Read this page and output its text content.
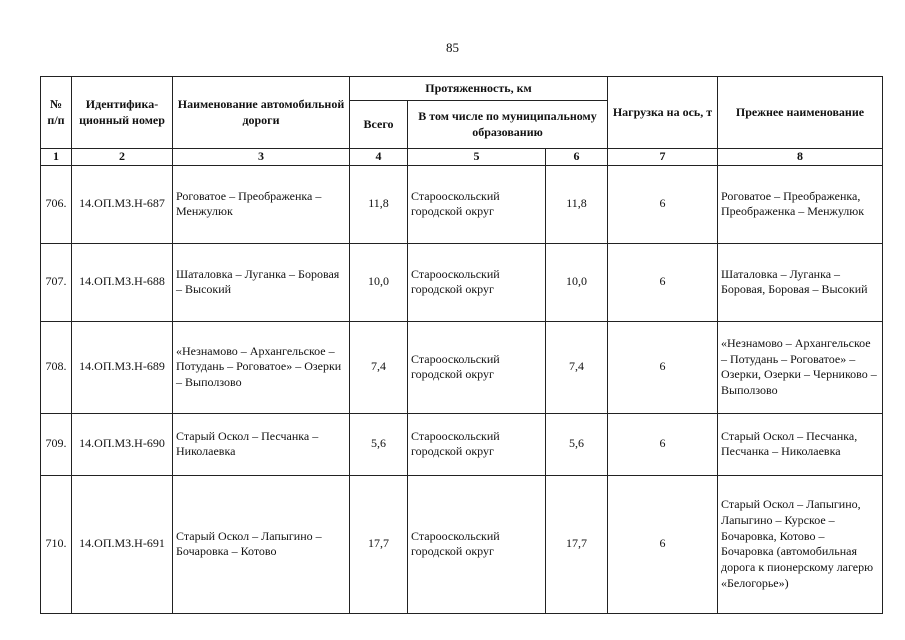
85
№ п/п	Идентифика-ционный номер	Наименование автомобильной дороги	Протяженность, км			Нагрузка на ось, т	Прежнее наименование
			Всего	В том числе по муниципальному образованию			
1	2	3	4	5	6	7	8
706.	14.ОП.МЗ.Н-687	Роговатое – Преображенка – Менжулюк	11,8	Старооскольский городской округ	11,8	6	Роговатое – Преображенка, Преображенка – Менжулюк
707.	14.ОП.МЗ.Н-688	Шаталовка – Луганка – Боровая – Высокий	10,0	Старооскольский городской округ	10,0	6	Шаталовка – Луганка – Боровая, Боровая – Высокий
708.	14.ОП.МЗ.Н-689	«Незнамово – Архангельское – Потудань – Роговатое» – Озерки – Выползово	7,4	Старооскольский городской округ	7,4	6	«Незнамово – Архангельское – Потудань – Роговатое» – Озерки, Озерки – Черниково – Выползово
709.	14.ОП.МЗ.Н-690	Старый Оскол – Песчанка – Николаевка	5,6	Старооскольский городской округ	5,6	6	Старый Оскол – Песчанка, Песчанка – Николаевка
710.	14.ОП.МЗ.Н-691	Старый Оскол – Лапыгино – Бочаровка – Котово	17,7	Старооскольский городской округ	17,7	6	Старый Оскол – Лапыгино, Лапыгино – Курское – Бочаровка, Котово – Бочаровка (автомобильная дорога к пионерскому лагерю «Белогорье»)
